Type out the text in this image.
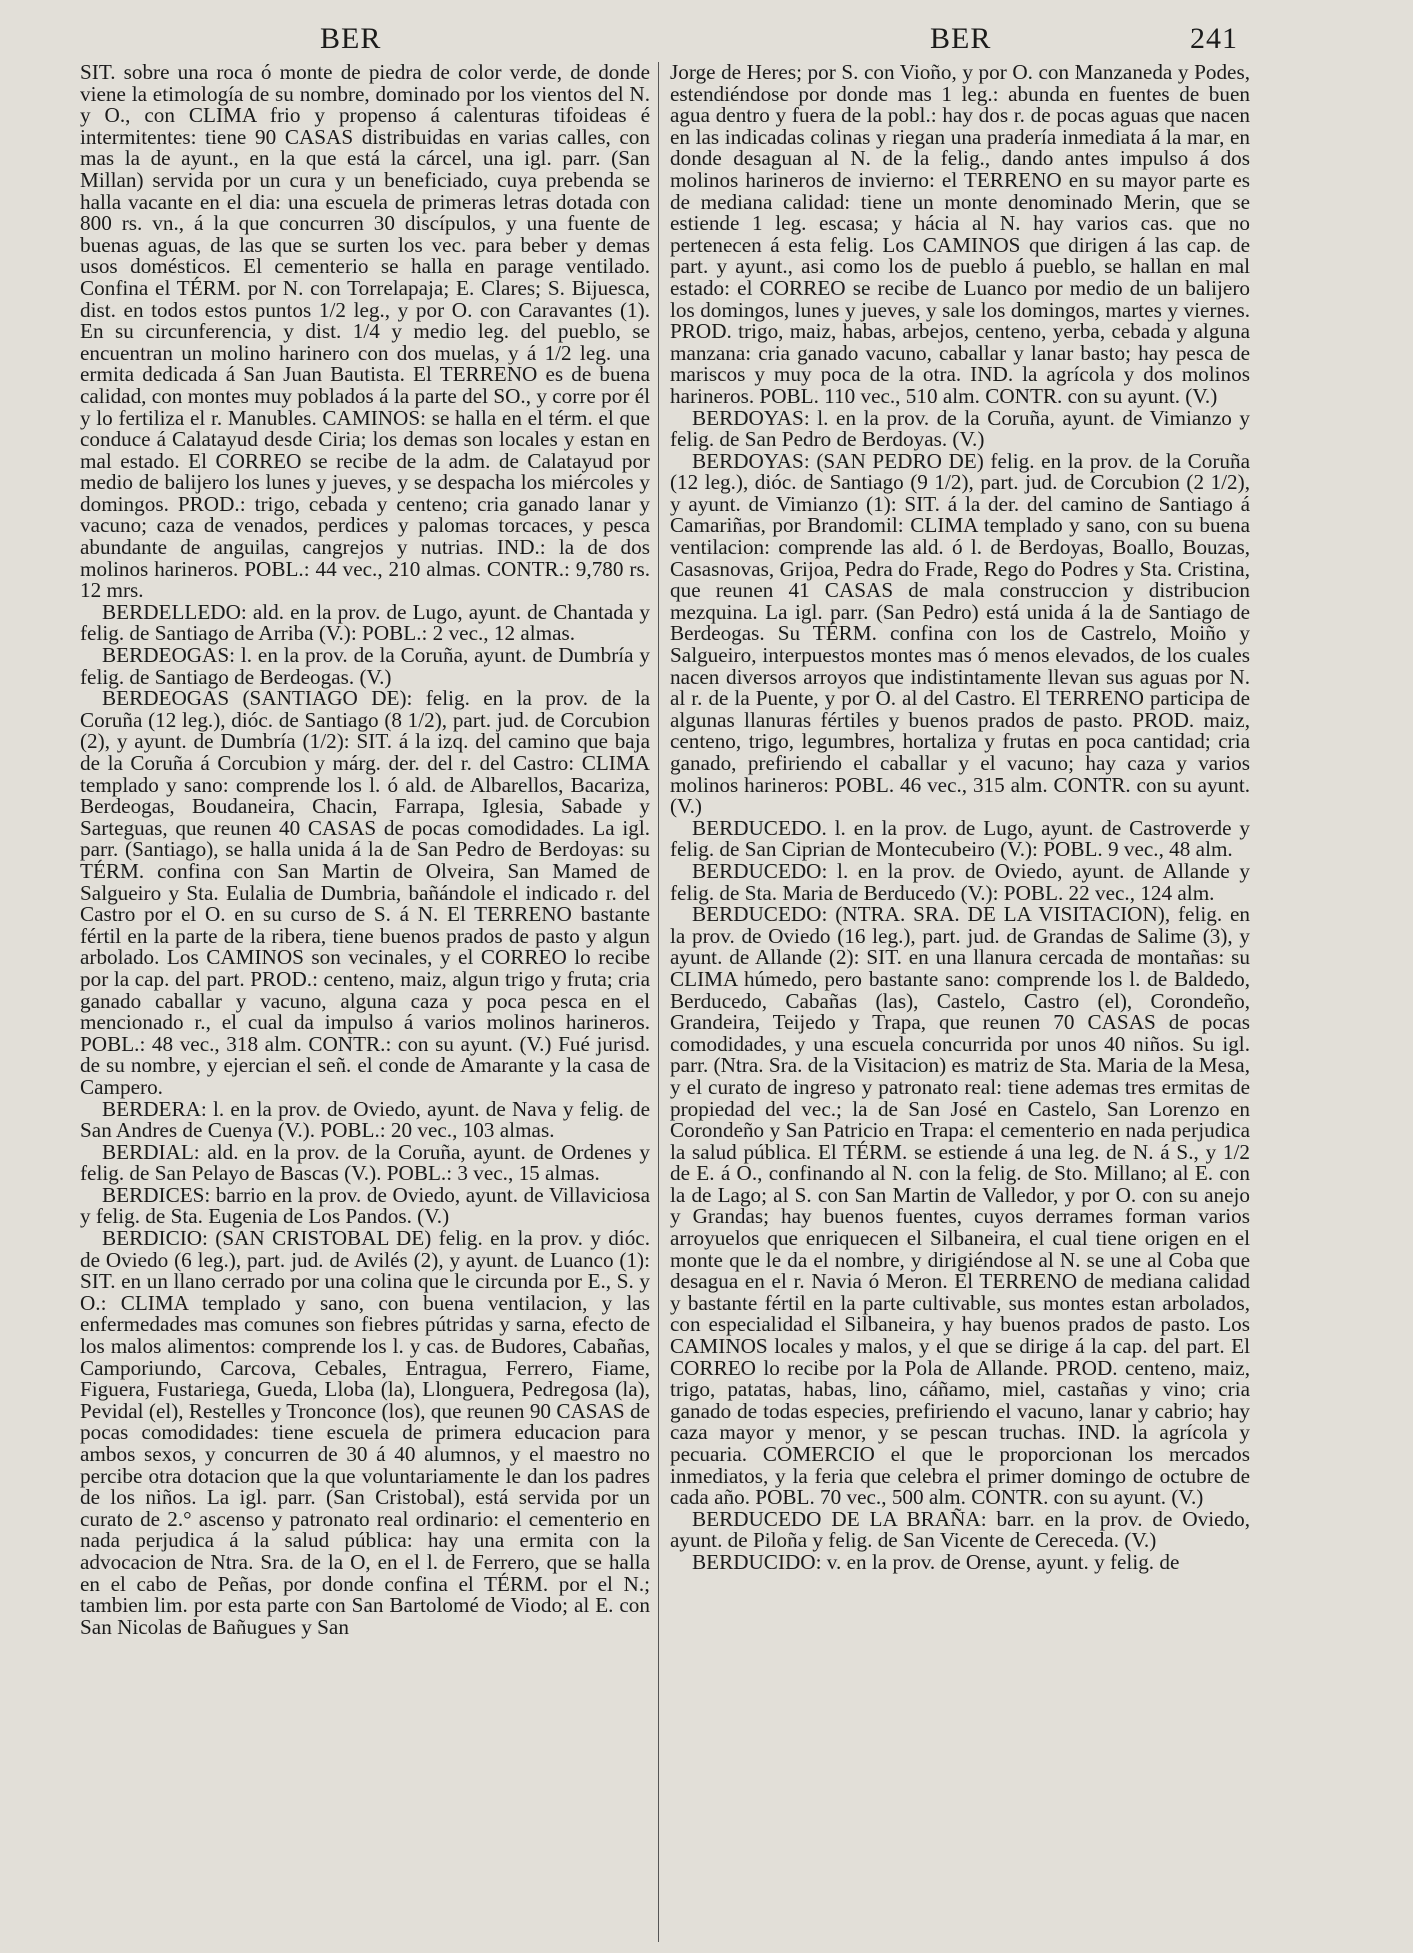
BER	BER	241

SIT. sobre una roca ó monte de piedra de color verde, de donde viene la etimología de su nombre, dominado por los vientos del N. y O., con CLIMA frio y propenso á calenturas tifoideas é intermitentes: tiene 90 CASAS distribuidas en varias calles, con mas la de ayunt., en la que está la cárcel, una igl. parr. (San Millan) servida por un cura y un beneficiado, cuya prebenda se halla vacante en el dia: una escuela de primeras letras dotada con 800 rs. vn., á la que concurren 30 discípulos, y una fuente de buenas aguas, de las que se surten los vec. para beber y demas usos domésticos. El cementerio se halla en parage ventilado. Confina el TÉRM. por N. con Torrelapaja; E. Clares; S. Bijuesca, dist. en todos estos puntos 1/2 leg., y por O. con Caravantes (1). En su circunferencia, y dist. 1/4 y medio leg. del pueblo, se encuentran un molino harinero con dos muelas, y á 1/2 leg. una ermita dedicada á San Juan Bautista. El TERRENO es de buena calidad, con montes muy poblados á la parte del SO., y corre por él y lo fertiliza el r. Manubles. CAMINOS: se halla en el térm. el que conduce á Calatayud desde Ciria; los demas son locales y estan en mal estado. El CORREO se recibe de la adm. de Calatayud por medio de balijero los lunes y jueves, y se despacha los miércoles y domingos. PROD.: trigo, cebada y centeno; cria ganado lanar y vacuno; caza de venados, perdices y palomas torcaces, y pesca abundante de anguilas, cangrejos y nutrias. IND.: la de dos molinos harineros. POBL.: 44 vec., 210 almas. CONTR.: 9,780 rs. 12 mrs.

BERDELLEDO: ald. en la prov. de Lugo, ayunt. de Chantada y felig. de Santiago de Arriba (V.): POBL.: 2 vec., 12 almas.

BERDEOGAS: l. en la prov. de la Coruña, ayunt. de Dumbría y felig. de Santiago de Berdeogas. (V.)

BERDEOGAS (SANTIAGO DE): felig. en la prov. de la Coruña (12 leg.), dióc. de Santiago (8 1/2), part. jud. de Corcubion (2), y ayunt. de Dumbría (1/2): SIT. á la izq. del camino que baja de la Coruña á Corcubion y márg. der. del r. del Castro: CLIMA templado y sano: comprende los l. ó ald. de Albarellos, Bacariza, Berdeogas, Boudaneira, Chacin, Farrapa, Iglesia, Sabade y Sarteguas, que reunen 40 CASAS de pocas comodidades. La igl. parr. (Santiago), se halla unida á la de San Pedro de Berdoyas: su TÉRM. confina con San Martin de Olveira, San Mamed de Salgueiro y Sta. Eulalia de Dumbria, bañándole el indicado r. del Castro por el O. en su curso de S. á N. El TERRENO bastante fértil en la parte de la ribera, tiene buenos prados de pasto y algun arbolado. Los CAMINOS son vecinales, y el CORREO lo recibe por la cap. del part. PROD.: centeno, maiz, algun trigo y fruta; cria ganado caballar y vacuno, alguna caza y poca pesca en el mencionado r., el cual da impulso á varios molinos harineros. POBL.: 48 vec., 318 alm. CONTR.: con su ayunt. (V.) Fué jurisd. de su nombre, y ejercian el señ. el conde de Amarante y la casa de Campero.

BERDERA: l. en la prov. de Oviedo, ayunt. de Nava y felig. de San Andres de Cuenya (V.). POBL.: 20 vec., 103 almas.

BERDIAL: ald. en la prov. de la Coruña, ayunt. de Ordenes y felig. de San Pelayo de Bascas (V.). POBL.: 3 vec., 15 almas.

BERDICES: barrio en la prov. de Oviedo, ayunt. de Villaviciosa y felig. de Sta. Eugenia de Los Pandos. (V.)

BERDICIO: (SAN CRISTOBAL DE) felig. en la prov. y dióc. de Oviedo (6 leg.), part. jud. de Avilés (2), y ayunt. de Luanco (1): SIT. en un llano cerrado por una colina que le circunda por E., S. y O.: CLIMA templado y sano, con buena ventilacion, y las enfermedades mas comunes son fiebres pútridas y sarna, efecto de los malos alimentos: comprende los l. y cas. de Budores, Cabañas, Camporiundo, Carcova, Cebales, Entragua, Ferrero, Fiame, Figuera, Fustariega, Gueda, Lloba (la), Llonguera, Pedregosa (la), Pevidal (el), Restelles y Tronconce (los), que reunen 90 CASAS de pocas comodidades: tiene escuela de primera educacion para ambos sexos, y concurren de 30 á 40 alumnos, y el maestro no percibe otra dotacion que la que voluntariamente le dan los padres de los niños. La igl. parr. (San Cristobal), está servida por un curato de 2.° ascenso y patronato real ordinario: el cementerio en nada perjudica á la salud pública: hay una ermita con la advocacion de Ntra. Sra. de la O, en el l. de Ferrero, que se halla en el cabo de Peñas, por donde confina el TÉRM. por el N.; tambien lim. por esta parte con San Bartolomé de Viodo; al E. con San Nicolas de Bañugues y San

Jorge de Heres; por S. con Vioño, y por O. con Manzaneda y Podes, estendiéndose por donde mas 1 leg.: abunda en fuentes de buen agua dentro y fuera de la pobl.: hay dos r. de pocas aguas que nacen en las indicadas colinas y riegan una pradería inmediata á la mar, en donde desaguan al N. de la felig., dando antes impulso á dos molinos harineros de invierno: el TERRENO en su mayor parte es de mediana calidad: tiene un monte denominado Merin, que se estiende 1 leg. escasa; y hácia al N. hay varios cas. que no pertenecen á esta felig. Los CAMINOS que dirigen á las cap. de part. y ayunt., asi como los de pueblo á pueblo, se hallan en mal estado: el CORREO se recibe de Luanco por medio de un balijero los domingos, lunes y jueves, y sale los domingos, martes y viernes. PROD. trigo, maiz, habas, arbejos, centeno, yerba, cebada y alguna manzana: cria ganado vacuno, caballar y lanar basto; hay pesca de mariscos y muy poca de la otra. IND. la agrícola y dos molinos harineros. POBL. 110 vec., 510 alm. CONTR. con su ayunt. (V.)

BERDOYAS: l. en la prov. de la Coruña, ayunt. de Vimianzo y felig. de San Pedro de Berdoyas. (V.)

BERDOYAS: (SAN PEDRO DE) felig. en la prov. de la Coruña (12 leg.), dióc. de Santiago (9 1/2), part. jud. de Corcubion (2 1/2), y ayunt. de Vimianzo (1): SIT. á la der. del camino de Santiago á Camariñas, por Brandomil: CLIMA templado y sano, con su buena ventilacion: comprende las ald. ó l. de Berdoyas, Boallo, Bouzas, Casasnovas, Grijoa, Pedra do Frade, Rego do Podres y Sta. Cristina, que reunen 41 CASAS de mala construccion y distribucion mezquina. La igl. parr. (San Pedro) está unida á la de Santiago de Berdeogas. Su TÉRM. confina con los de Castrelo, Moiño y Salgueiro, interpuestos montes mas ó menos elevados, de los cuales nacen diversos arroyos que indistintamente llevan sus aguas por N. al r. de la Puente, y por O. al del Castro. El TERRENO participa de algunas llanuras fértiles y buenos prados de pasto. PROD. maiz, centeno, trigo, legumbres, hortaliza y frutas en poca cantidad; cria ganado, prefiriendo el caballar y el vacuno; hay caza y varios molinos harineros: POBL. 46 vec., 315 alm. CONTR. con su ayunt. (V.)

BERDUCEDO. l. en la prov. de Lugo, ayunt. de Castroverde y felig. de San Ciprian de Montecubeiro (V.): POBL. 9 vec., 48 alm.

BERDUCEDO: l. en la prov. de Oviedo, ayunt. de Allande y felig. de Sta. Maria de Berducedo (V.): POBL. 22 vec., 124 alm.

BERDUCEDO: (NTRA. SRA. DE LA VISITACION), felig. en la prov. de Oviedo (16 leg.), part. jud. de Grandas de Salime (3), y ayunt. de Allande (2): SIT. en una llanura cercada de montañas: su CLIMA húmedo, pero bastante sano: comprende los l. de Baldedo, Berducedo, Cabañas (las), Castelo, Castro (el), Corondeño, Grandeira, Teijedo y Trapa, que reunen 70 CASAS de pocas comodidades, y una escuela concurrida por unos 40 niños. Su igl. parr. (Ntra. Sra. de la Visitacion) es matriz de Sta. Maria de la Mesa, y el curato de ingreso y patronato real: tiene ademas tres ermitas de propiedad del vec.; la de San José en Castelo, San Lorenzo en Corondeño y San Patricio en Trapa: el cementerio en nada perjudica la salud pública. El TÉRM. se estiende á una leg. de N. á S., y 1/2 de E. á O., confinando al N. con la felig. de Sto. Millano; al E. con la de Lago; al S. con San Martin de Valledor, y por O. con su anejo y Grandas; hay buenos fuentes, cuyos derrames forman varios arroyuelos que enriquecen el Silbaneira, el cual tiene origen en el monte que le da el nombre, y dirigiéndose al N. se une al Coba que desagua en el r. Navia ó Meron. El TERRENO de mediana calidad y bastante fértil en la parte cultivable, sus montes estan arbolados, con especialidad el Silbaneira, y hay buenos prados de pasto. Los CAMINOS locales y malos, y el que se dirige á la cap. del part. El CORREO lo recibe por la Pola de Allande. PROD. centeno, maiz, trigo, patatas, habas, lino, cáñamo, miel, castañas y vino; cria ganado de todas especies, prefiriendo el vacuno, lanar y cabrio; hay caza mayor y menor, y se pescan truchas. IND. la agrícola y pecuaria. COMERCIO el que le proporcionan los mercados inmediatos, y la feria que celebra el primer domingo de octubre de cada año. POBL. 70 vec., 500 alm. CONTR. con su ayunt. (V.)

BERDUCEDO DE LA BRAÑA: barr. en la prov. de Oviedo, ayunt. de Piloña y felig. de San Vicente de Cereceda. (V.)

BERDUCIDO: v. en la prov. de Orense, ayunt. y felig. de
